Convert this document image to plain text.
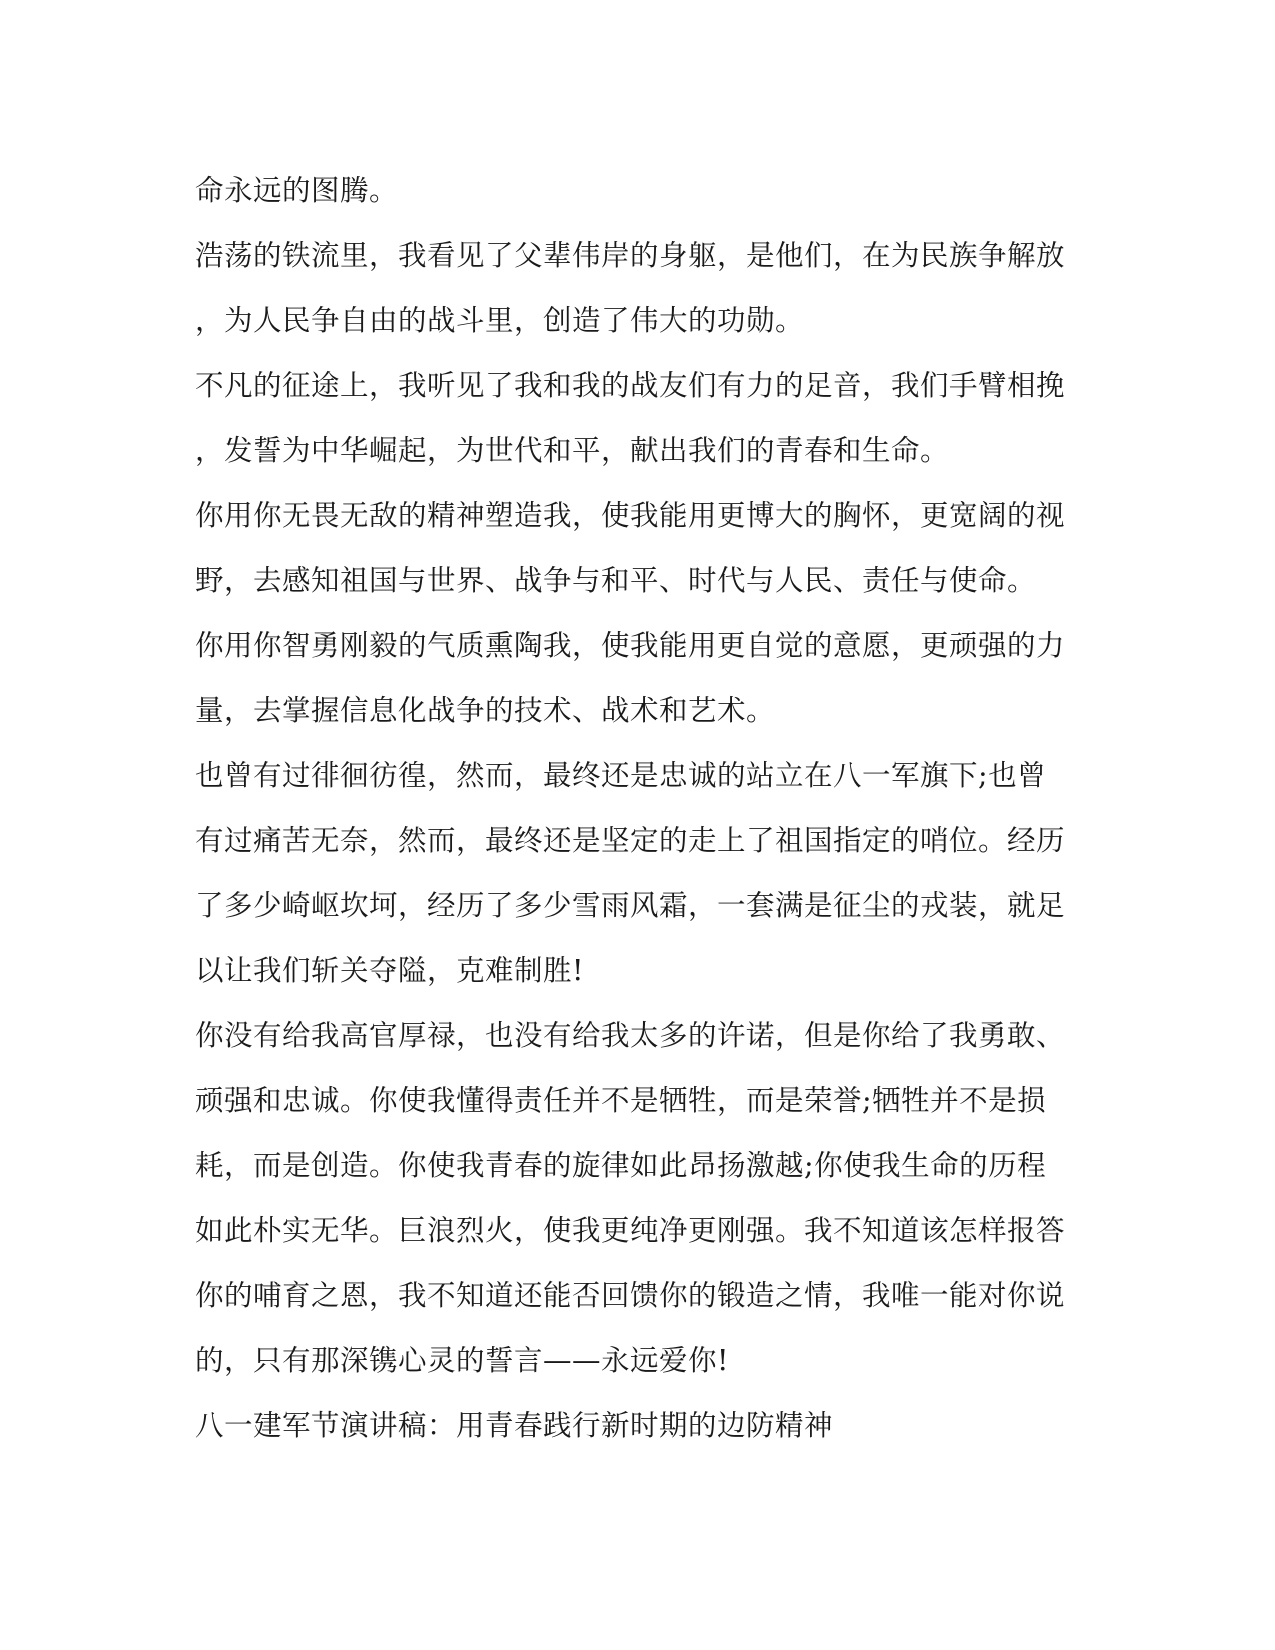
命永远的图腾。
浩荡的铁流里，我看见了父辈伟岸的身躯，是他们，在为民族争解放
，为人民争自由的战斗里，创造了伟大的功勋。
不凡的征途上，我听见了我和我的战友们有力的足音，我们手臂相挽
，发誓为中华崛起，为世代和平，献出我们的青春和生命。
你用你无畏无敌的精神塑造我，使我能用更博大的胸怀，更宽阔的视
野，去感知祖国与世界、战争与和平、时代与人民、责任与使命。
你用你智勇刚毅的气质熏陶我，使我能用更自觉的意愿，更顽强的力
量，去掌握信息化战争的技术、战术和艺术。
也曾有过徘徊彷徨，然而，最终还是忠诚的站立在八一军旗下;也曾
有过痛苦无奈，然而，最终还是坚定的走上了祖国指定的哨位。经历
了多少崎岖坎坷，经历了多少雪雨风霜，一套满是征尘的戎装，就足
以让我们斩关夺隘，克难制胜!
你没有给我高官厚禄，也没有给我太多的许诺，但是你给了我勇敢、
顽强和忠诚。你使我懂得责任并不是牺牲，而是荣誉;牺牲并不是损
耗，而是创造。你使我青春的旋律如此昂扬激越;你使我生命的历程
如此朴实无华。巨浪烈火，使我更纯净更刚强。我不知道该怎样报答
你的哺育之恩，我不知道还能否回馈你的锻造之情，我唯一能对你说
的，只有那深镌心灵的誓言——永远爱你!
八一建军节演讲稿：用青春践行新时期的边防精神
